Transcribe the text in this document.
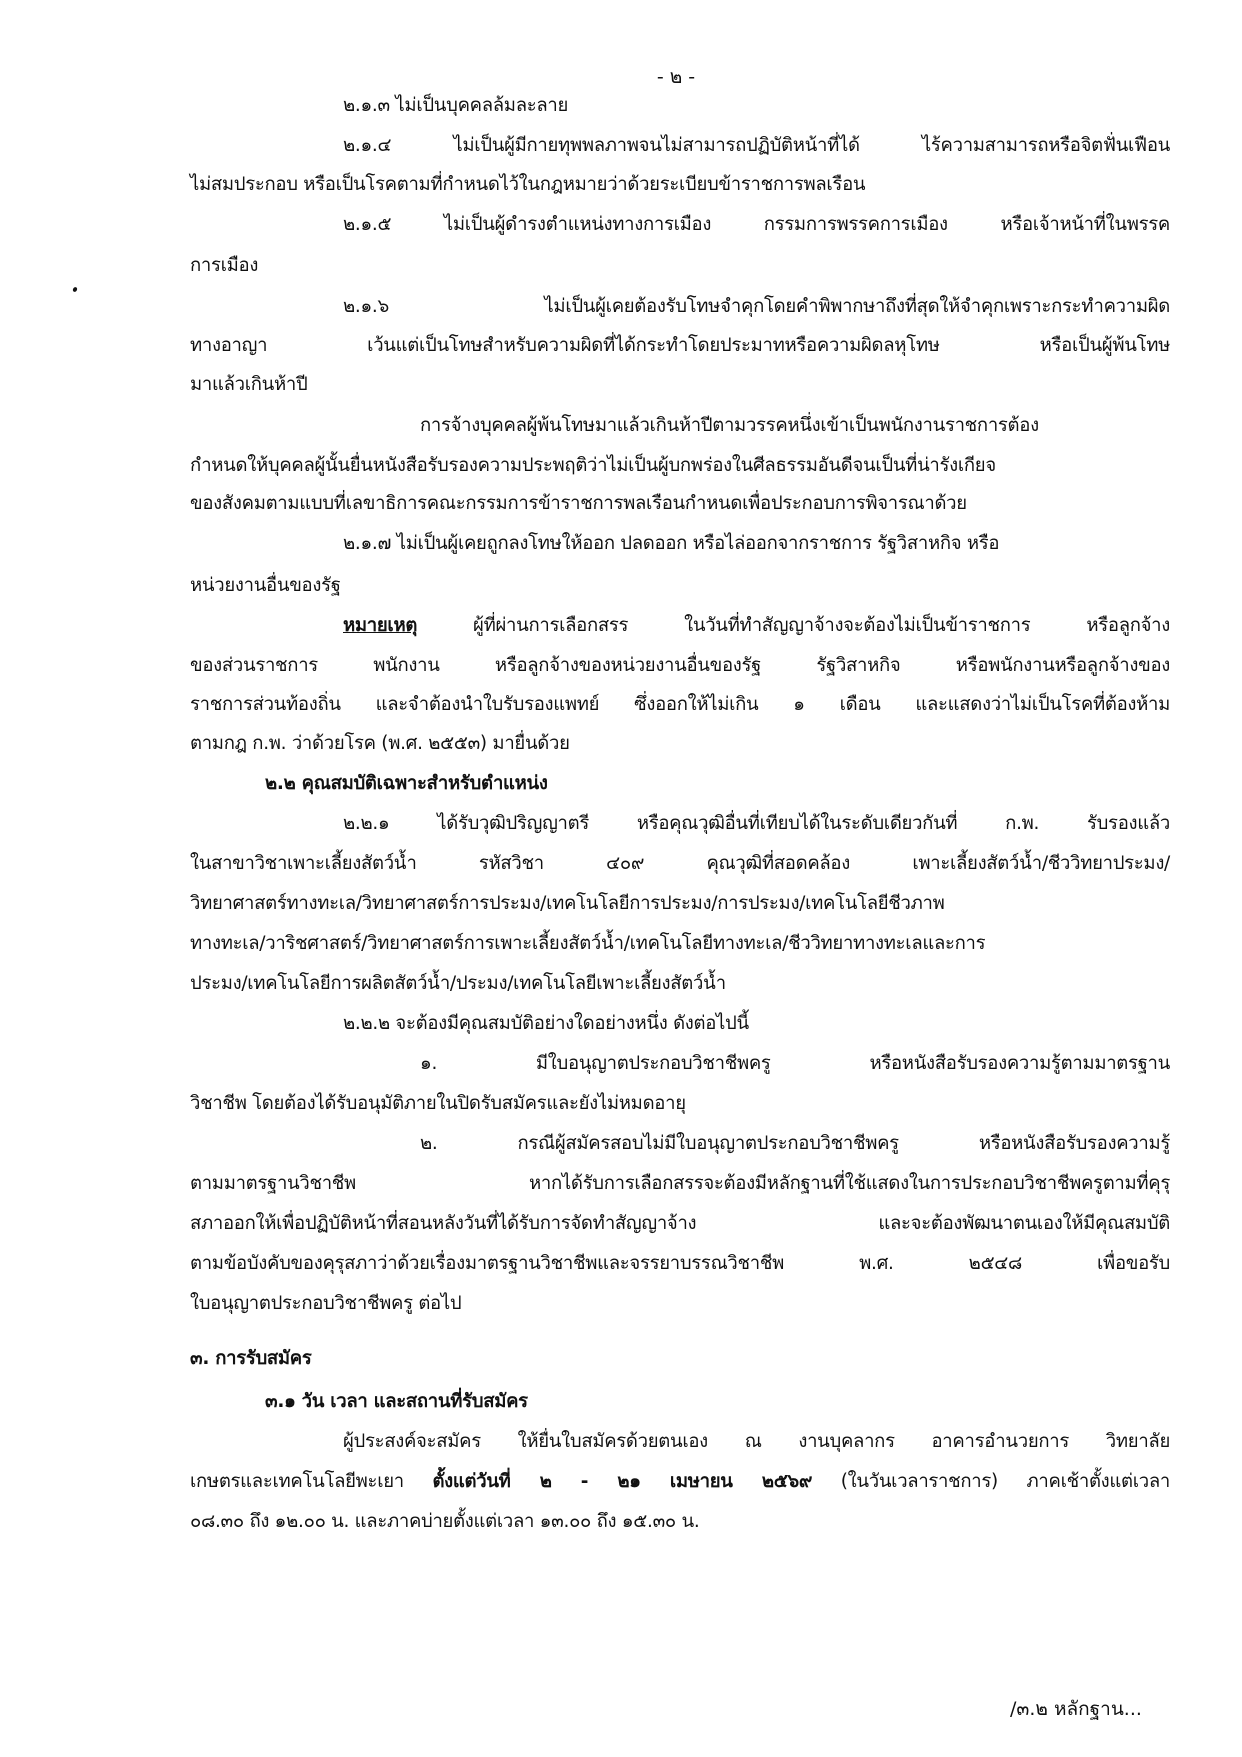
- ๒ -
๒.๑.๓ ไม่เป็นบุคคลล้มละลาย
๒.๑.๔ ไม่เป็นผู้มีกายทุพพลภาพจนไม่สามารถปฏิบัติหน้าที่ได้ ไร้ความสามารถหรือจิตฟั่นเฟือน
ไม่สมประกอบ หรือเป็นโรคตามที่กำหนดไว้ในกฎหมายว่าด้วยระเบียบข้าราชการพลเรือน
๒.๑.๕ ไม่เป็นผู้ดำรงตำแหน่งทางการเมือง กรรมการพรรคการเมือง หรือเจ้าหน้าที่ในพรรค
การเมือง
๒.๑.๖ ไม่เป็นผู้เคยต้องรับโทษจำคุกโดยคำพิพากษาถึงที่สุดให้จำคุกเพราะกระทำความผิด
ทางอาญา เว้นแต่เป็นโทษสำหรับความผิดที่ได้กระทำโดยประมาทหรือความผิดลหุโทษ หรือเป็นผู้พ้นโทษ
มาแล้วเกินห้าปี
การจ้างบุคคลผู้พ้นโทษมาแล้วเกินห้าปีตามวรรคหนึ่งเข้าเป็นพนักงานราชการต้อง
กำหนดให้บุคคลผู้นั้นยื่นหนังสือรับรองความประพฤติว่าไม่เป็นผู้บกพร่องในศีลธรรมอันดีจนเป็นที่น่ารังเกียจ
ของสังคมตามแบบที่เลขาธิการคณะกรรมการข้าราชการพลเรือนกำหนดเพื่อประกอบการพิจารณาด้วย
๒.๑.๗ ไม่เป็นผู้เคยถูกลงโทษให้ออก ปลดออก หรือไล่ออกจากราชการ รัฐวิสาหกิจ หรือ
หน่วยงานอื่นของรัฐ
หมายเหตุ ผู้ที่ผ่านการเลือกสรร ในวันที่ทำสัญญาจ้างจะต้องไม่เป็นข้าราชการ หรือลูกจ้าง
ของส่วนราชการ พนักงาน หรือลูกจ้างของหน่วยงานอื่นของรัฐ รัฐวิสาหกิจ หรือพนักงานหรือลูกจ้างของ
ราชการส่วนท้องถิ่น และจำต้องนำใบรับรองแพทย์ ซึ่งออกให้ไม่เกิน ๑ เดือน และแสดงว่าไม่เป็นโรคที่ต้องห้าม
ตามกฎ ก.พ. ว่าด้วยโรค (พ.ศ. ๒๕๕๓) มายื่นด้วย
๒.๒ คุณสมบัติเฉพาะสำหรับตำแหน่ง
๒.๒.๑ ได้รับวุฒิปริญญาตรี หรือคุณวุฒิอื่นที่เทียบได้ในระดับเดียวกันที่ ก.พ. รับรองแล้ว
ในสาขาวิชาเพาะเลี้ยงสัตว์น้ำ รหัสวิชา ๔๐๙ คุณวุฒิที่สอดคล้อง เพาะเลี้ยงสัตว์น้ำ/ชีววิทยาประมง/
วิทยาศาสตร์ทางทะเล/วิทยาศาสตร์การประมง/เทคโนโลยีการประมง/การประมง/เทคโนโลยีชีวภาพ
ทางทะเล/วาริชศาสตร์/วิทยาศาสตร์การเพาะเลี้ยงสัตว์น้ำ/เทคโนโลยีทางทะเล/ชีววิทยาทางทะเลและการ
ประมง/เทคโนโลยีการผลิตสัตว์น้ำ/ประมง/เทคโนโลยีเพาะเลี้ยงสัตว์น้ำ
๒.๒.๒ จะต้องมีคุณสมบัติอย่างใดอย่างหนึ่ง ดังต่อไปนี้
๑. มีใบอนุญาตประกอบวิชาชีพครู หรือหนังสือรับรองความรู้ตามมาตรฐาน
วิชาชีพ โดยต้องได้รับอนุมัติภายในปิดรับสมัครและยังไม่หมดอายุ
๒. กรณีผู้สมัครสอบไม่มีใบอนุญาตประกอบวิชาชีพครู หรือหนังสือรับรองความรู้
ตามมาตรฐานวิชาชีพ หากได้รับการเลือกสรรจะต้องมีหลักฐานที่ใช้แสดงในการประกอบวิชาชีพครูตามที่คุรุ
สภาออกให้เพื่อปฏิบัติหน้าที่สอนหลังวันที่ได้รับการจัดทำสัญญาจ้าง และจะต้องพัฒนาตนเองให้มีคุณสมบัติ
ตามข้อบังคับของคุรุสภาว่าด้วยเรื่องมาตรฐานวิชาชีพและจรรยาบรรณวิชาชีพ พ.ศ. ๒๕๔๘ เพื่อขอรับ
ใบอนุญาตประกอบวิชาชีพครู ต่อไป
๓. การรับสมัคร
๓.๑ วัน เวลา และสถานที่รับสมัคร
ผู้ประสงค์จะสมัคร ให้ยื่นใบสมัครด้วยตนเอง ณ งานบุคลากร อาคารอำนวยการ วิทยาลัย
เกษตรและเทคโนโลยีพะเยา ตั้งแต่วันที่ ๒ - ๒๑ เมษายน ๒๕๖๙ (ในวันเวลาราชการ) ภาคเช้าตั้งแต่เวลา
๐๘.๓๐ ถึง ๑๒.๐๐ น. และภาคบ่ายตั้งแต่เวลา ๑๓.๐๐ ถึง ๑๕.๓๐ น.
/๓.๒ หลักฐาน...
